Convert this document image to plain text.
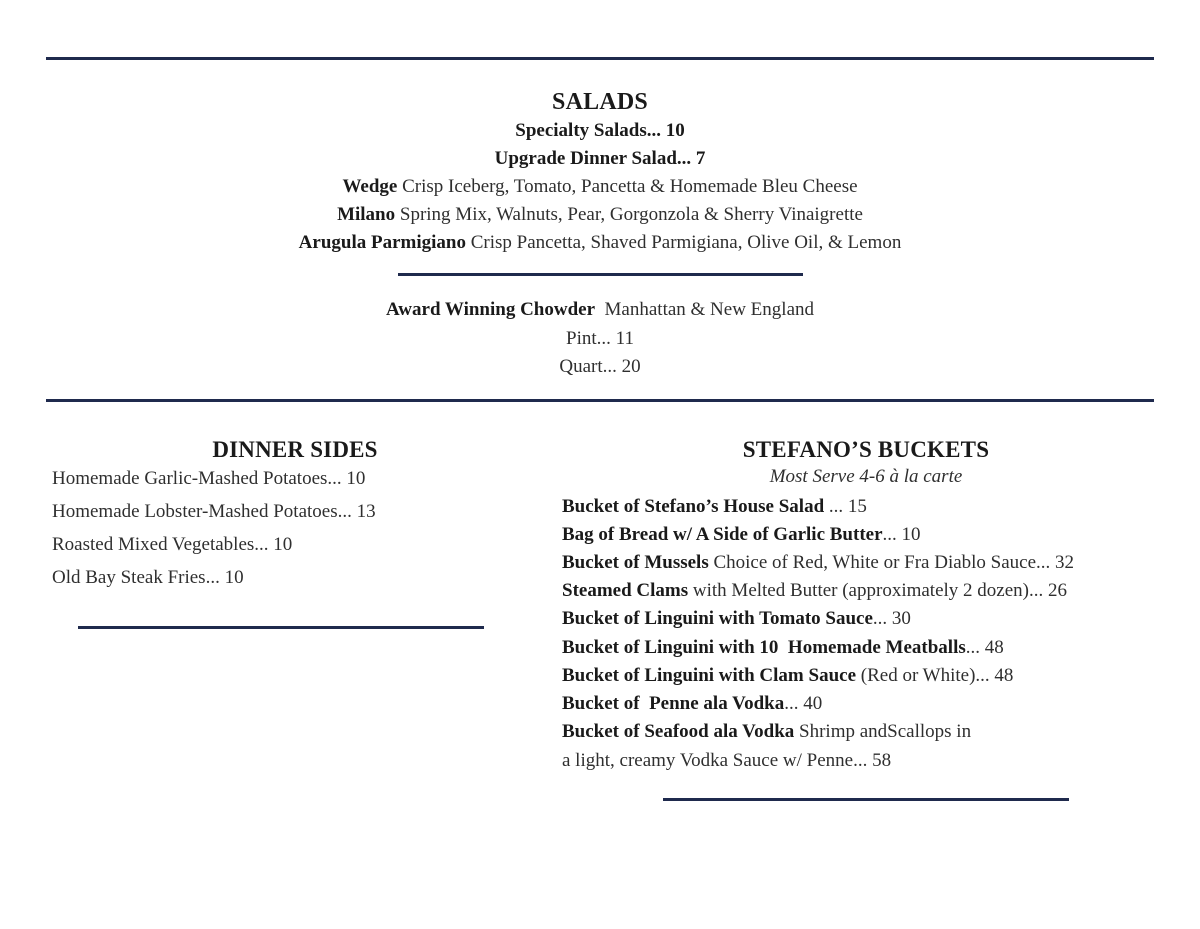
SALADS
Specialty Salads... 10
Upgrade Dinner Salad... 7
Wedge Crisp Iceberg, Tomato, Pancetta & Homemade Bleu Cheese
Milano Spring Mix, Walnuts, Pear, Gorgonzola & Sherry Vinaigrette
Arugula Parmigiano Crisp Pancetta, Shaved Parmigiana, Olive Oil, & Lemon
Award Winning Chowder  Manhattan & New England
Pint... 11
Quart... 20
DINNER SIDES
Homemade Garlic-Mashed Potatoes... 10
Homemade Lobster-Mashed Potatoes... 13
Roasted Mixed Vegetables... 10
Old Bay Steak Fries... 10
STEFANO’S BUCKETS
Most Serve 4-6 à la carte
Bucket of Stefano’s House Salad ... 15
Bag of Bread w/ A Side of Garlic Butter... 10
Bucket of Mussels Choice of Red, White or Fra Diablo Sauce... 32
Steamed Clams with Melted Butter (approximately 2 dozen)... 26
Bucket of Linguini with Tomato Sauce... 30
Bucket of Linguini with 10  Homemade Meatballs... 48
Bucket of Linguini with Clam Sauce (Red or White)... 48
Bucket of  Penne ala Vodka... 40
Bucket of Seafood ala Vodka Shrimp andScallops in
a light, creamy Vodka Sauce w/ Penne... 58
